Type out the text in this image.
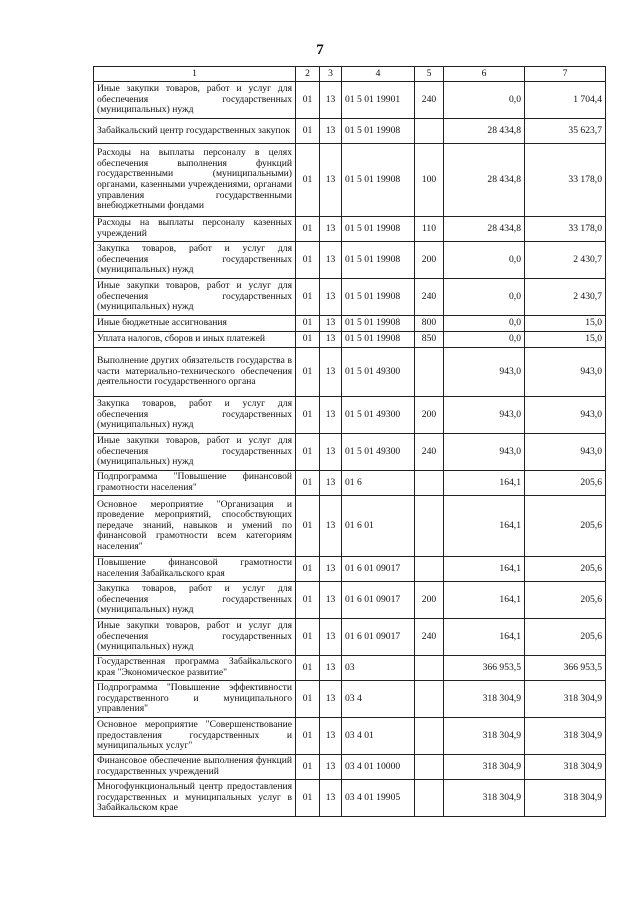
7
1	2	3	4	5	6	7
Иные закупки товаров, работ и услуг для обеспечения государственных (муниципальных) нужд	01	13	01 5 01 19901	240	0,0	1 704,4
Забайкальский центр государственных закупок	01	13	01 5 01 19908		28 434,8	35 623,7
Расходы на выплаты персоналу в целях обеспечения выполнения функций государственными (муниципальными) органами, казенными учреждениями, органами управления государственными внебюджетными фондами	01	13	01 5 01 19908	100	28 434,8	33 178,0
Расходы на выплаты персоналу казенных учреждений	01	13	01 5 01 19908	110	28 434,8	33 178,0
Закупка товаров, работ и услуг для обеспечения государственных (муниципальных) нужд	01	13	01 5 01 19908	200	0,0	2 430,7
Иные закупки товаров, работ и услуг для обеспечения государственных (муниципальных) нужд	01	13	01 5 01 19908	240	0,0	2 430,7
Иные бюджетные ассигнования	01	13	01 5 01 19908	800	0,0	15,0
Уплата налогов, сборов и иных платежей	01	13	01 5 01 19908	850	0,0	15,0
Выполнение других обязательств государства в части материально-технического обеспечения деятельности государственного органа	01	13	01 5 01 49300		943,0	943,0
Закупка товаров, работ и услуг для обеспечения государственных (муниципальных) нужд	01	13	01 5 01 49300	200	943,0	943,0
Иные закупки товаров, работ и услуг для обеспечения государственных (муниципальных) нужд	01	13	01 5 01 49300	240	943,0	943,0
Подпрограмма "Повышение финансовой грамотности населения"	01	13	01 6		164,1	205,6
Основное мероприятие "Организация и проведение мероприятий, способствующих передаче знаний, навыков и умений по финансовой грамотности всем категориям населения"	01	13	01 6 01		164,1	205,6
Повышение финансовой грамотности населения Забайкальского края	01	13	01 6 01 09017		164,1	205,6
Закупка товаров, работ и услуг для обеспечения государственных (муниципальных) нужд	01	13	01 6 01 09017	200	164,1	205,6
Иные закупки товаров, работ и услуг для обеспечения государственных (муниципальных) нужд	01	13	01 6 01 09017	240	164,1	205,6
Государственная программа Забайкальского края "Экономическое развитие"	01	13	03		366 953,5	366 953,5
Подпрограмма "Повышение эффективности государственного и муниципального управления"	01	13	03 4		318 304,9	318 304,9
Основное мероприятие "Совершенствование предоставления государственных и муниципальных услуг"	01	13	03 4 01		318 304,9	318 304,9
Финансовое обеспечение выполнения функций государственных учреждений	01	13	03 4 01 10000		318 304,9	318 304,9
Многофункциональный центр предоставления государственных и муниципальных услуг в Забайкальском крае	01	13	03 4 01 19905		318 304,9	318 304,9
